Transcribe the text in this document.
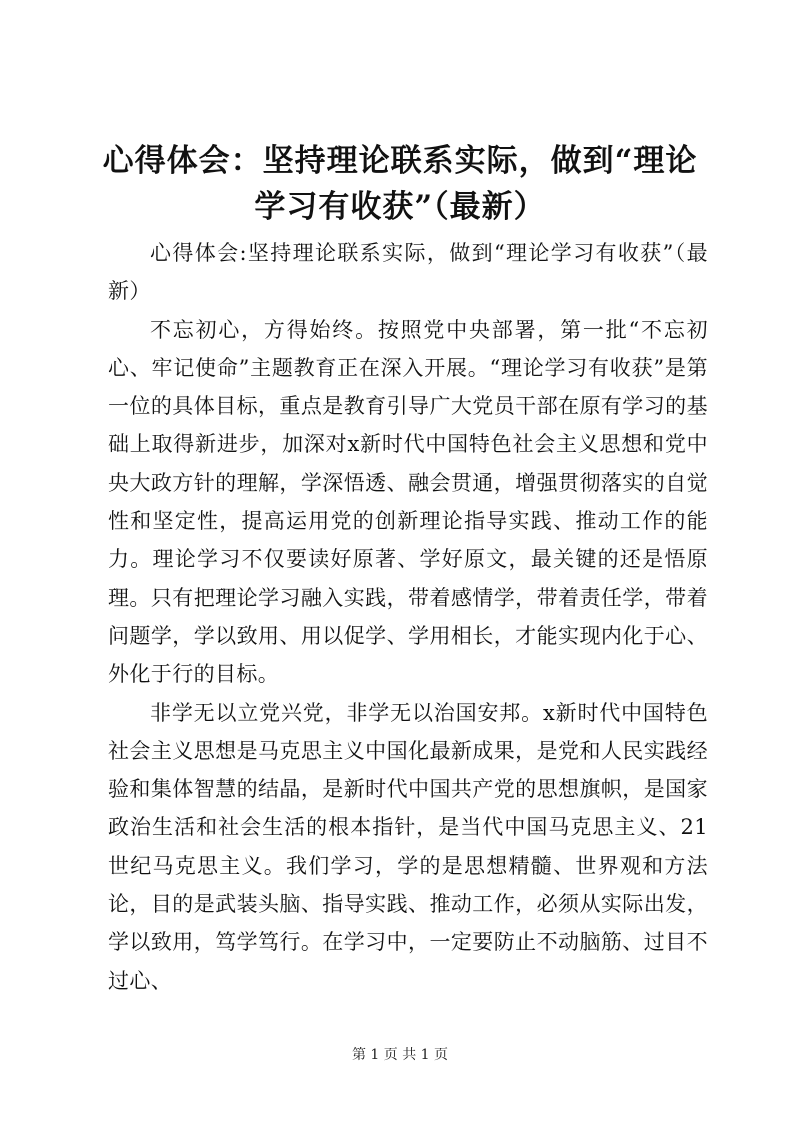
心得体会：坚持理论联系实际，做到“理论学习有收获”（最新）

心得体会:坚持理论联系实际，做到“理论学习有收获”（最新）

不忘初心，方得始终。按照党中央部署，第一批“不忘初心、牢记使命”主题教育正在深入开展。“理论学习有收获”是第一位的具体目标，重点是教育引导广大党员干部在原有学习的基础上取得新进步，加深对x新时代中国特色社会主义思想和党中央大政方针的理解，学深悟透、融会贯通，增强贯彻落实的自觉性和坚定性，提高运用党的创新理论指导实践、推动工作的能力。理论学习不仅要读好原著、学好原文，最关键的还是悟原理。只有把理论学习融入实践，带着感情学，带着责任学，带着问题学，学以致用、用以促学、学用相长，才能实现内化于心、外化于行的目标。

非学无以立党兴党，非学无以治国安邦。x新时代中国特色社会主义思想是马克思主义中国化最新成果，是党和人民实践经验和集体智慧的结晶，是新时代中国共产党的思想旗帜，是国家政治生活和社会生活的根本指针，是当代中国马克思主义、21世纪马克思主义。我们学习，学的是思想精髓、世界观和方法论，目的是武装头脑、指导实践、推动工作，必须从实际出发，学以致用，笃学笃行。在学习中，一定要防止不动脑筋、过目不过心、

第 1 页 共 1 页
